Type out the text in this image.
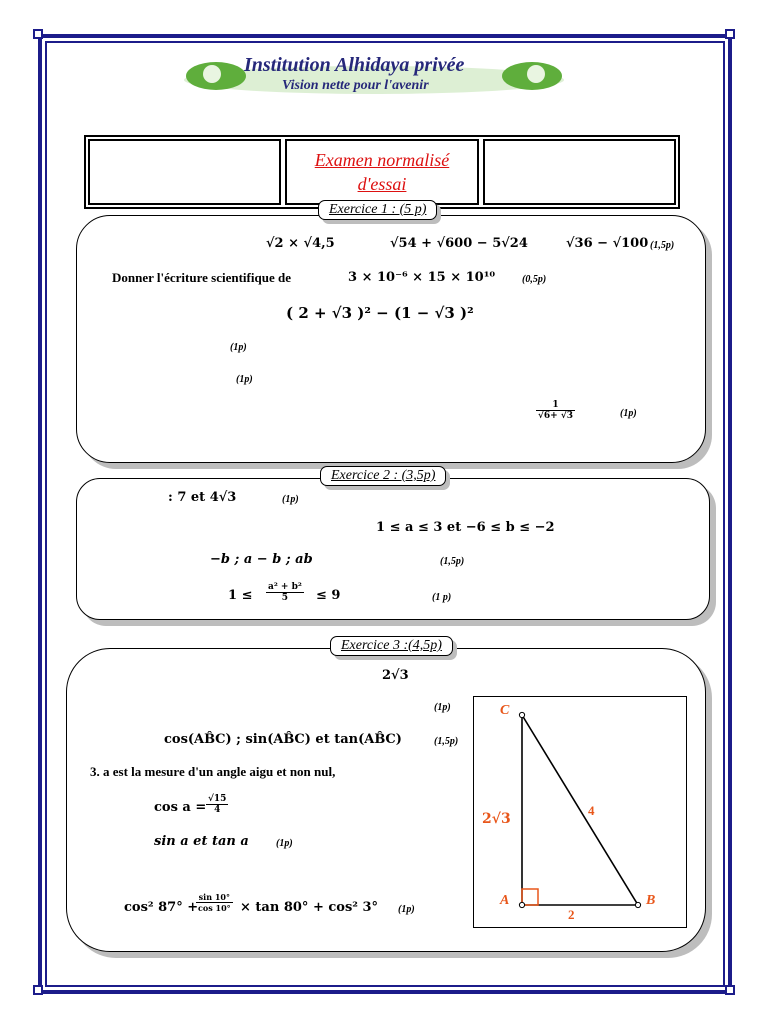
Institution Alhidaya privée
Vision nette pour l'avenir
Examen normalisé
d'essai
Exercice 1 : (5 p)
√2 × √4,5	√54 + √600 − 5√24	√36 − √100 (1,5p)
Donner l'écriture scientifique de	3 × 10⁻⁶ × 15 × 10¹⁰	(0,5p)
( 2 + √3 )² − (1 − √3 )²
(1p)
(1p)
$\frac{1}{√6+ √3}$	(1p)
Exercice 2 : (3,5p)
: 7 et 4√3	(1p)
1 ≤ a ≤ 3 et −6 ≤ b ≤ −2
−b ; a − b ; ab	(1,5p)
$1 \le \frac{\text{a² + b²}}{5} \le 9$	(1 p)
Exercice 3 :(4,5p)
2√3
(1p)
cos(AB̂C) ; sin(AB̂C) et tan(AB̂C)	(1,5p)
3. a est la mesure d'un angle aigu et non nul,
$\cos a = \frac{√15}{4}$
sin a et tan a	(1p)
cos² 87° +
$\frac{\sin 10^\circ}{\cos 10^\circ} \times \tan 80^\circ + \cos^2$ 3° (1p)
C
A	B
2√3
4
2
